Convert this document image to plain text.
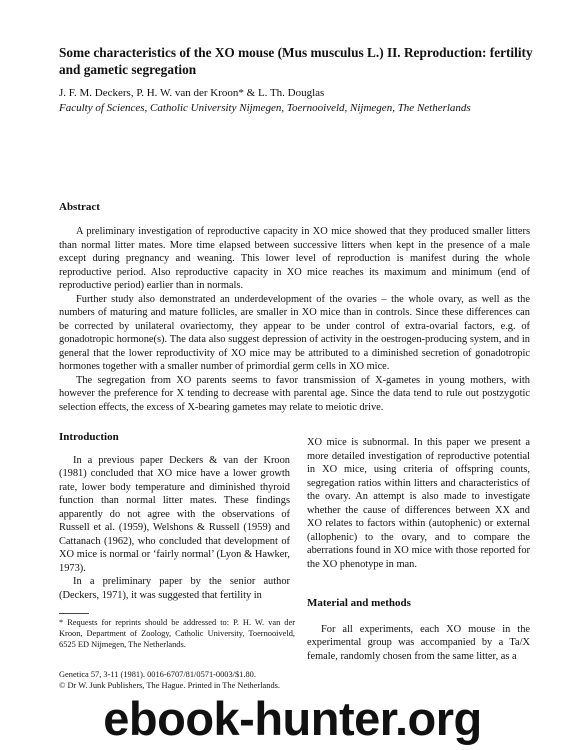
Some characteristics of the XO mouse (Mus musculus L.) II. Reproduction: fertility and gametic segregation
J. F. M. Deckers, P. H. W. van der Kroon* & L. Th. Douglas
Faculty of Sciences, Catholic University Nijmegen, Toernooiveld, Nijmegen, The Netherlands
Abstract

A preliminary investigation of reproductive capacity in XO mice showed that they produced smaller litters than normal litter mates. More time elapsed between successive litters when kept in the presence of a male except during pregnancy and weaning. This lower level of reproduction is manifest during the whole reproductive period. Also reproductive capacity in XO mice reaches its maximum and minimum (end of reproductive period) earlier than in normals.

Further study also demonstrated an underdevelopment of the ovaries – the whole ovary, as well as the numbers of maturing and mature follicles, are smaller in XO mice than in controls. Since these differences can be corrected by unilateral ovariectomy, they appear to be under control of extra-ovarial factors, e.g. of gonadotropic hormone(s). The data also suggest depression of activity in the oestrogen-producing system, and in general that the lower reproductivity of XO mice may be attributed to a diminished secretion of gonadotropic hormones together with a smaller number of primordial germ cells in XO mice.

The segregation from XO parents seems to favor transmission of X-gametes in young mothers, with however the preference for X tending to decrease with parental age. Since the data tend to rule out postzygotic selection effects, the excess of X-bearing gametes may relate to meiotic drive.

Introduction

In a previous paper Deckers & van der Kroon (1981) concluded that XO mice have a lower growth rate, lower body temperature and diminished thyroid function than normal litter mates. These findings apparently do not agree with the observations of Russell et al. (1959), Welshons & Russell (1959) and Cattanach (1962), who concluded that development of XO mice is normal or ‘fairly normal’ (Lyon & Hawker, 1973).

In a preliminary paper by the senior author (Deckers, 1971), it was suggested that fertility in

XO mice is subnormal. In this paper we present a more detailed investigation of reproductive potential in XO mice, using criteria of offspring counts, segregation ratios within litters and characteristics of the ovary. An attempt is also made to investigate whether the cause of differences between XX and XO relates to factors within (autophenic) or external (allophenic) to the ovary, and to compare the aberrations found in XO mice with those reported for the XO phenotype in man.

Material and methods

For all experiments, each XO mouse in the experimental group was accompanied by a Ta/X female, randomly chosen from the same litter, as a

* Requests for reprints should be addressed to: P. H. W. van der Kroon, Department of Zoology, Catholic University, Toernooiveld, 6525 ED Nijmegen, The Netherlands.
Genetica 57, 3-11 (1981). 0016-6707/81/0571-0003/$1.80.
© Dr W. Junk Publishers, The Hague. Printed in The Netherlands.
ebook-hunter.org
